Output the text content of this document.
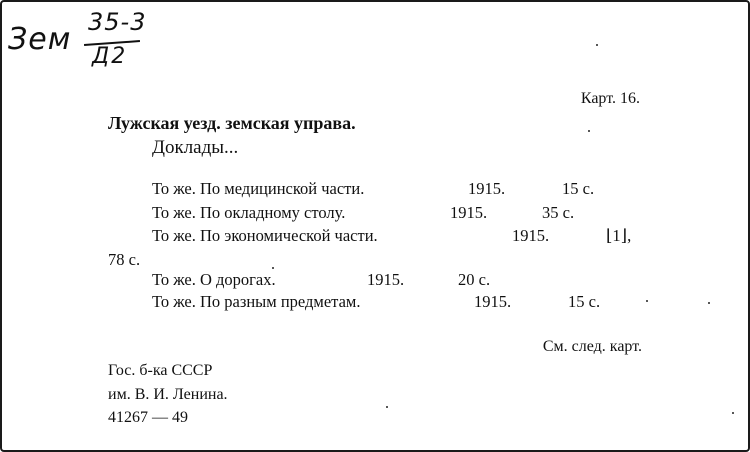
Зем 35-3
Д2
Карт. 16.
Лужская уезд. земская управа.
Доклады...
То же. По медицинской части.	1915.	15 с.
То же. По окладному столу.	1915.	35 с.
То же. По экономической части.	1915.	⌊1⌋,
78 с.
То же. О дорогах.	1915.	20 с.
То же. По разным предметам.	1915.	15 с.
См. след. карт.
Гос. б-ка СССР
им. В. И. Ленина.
41267 — 49
